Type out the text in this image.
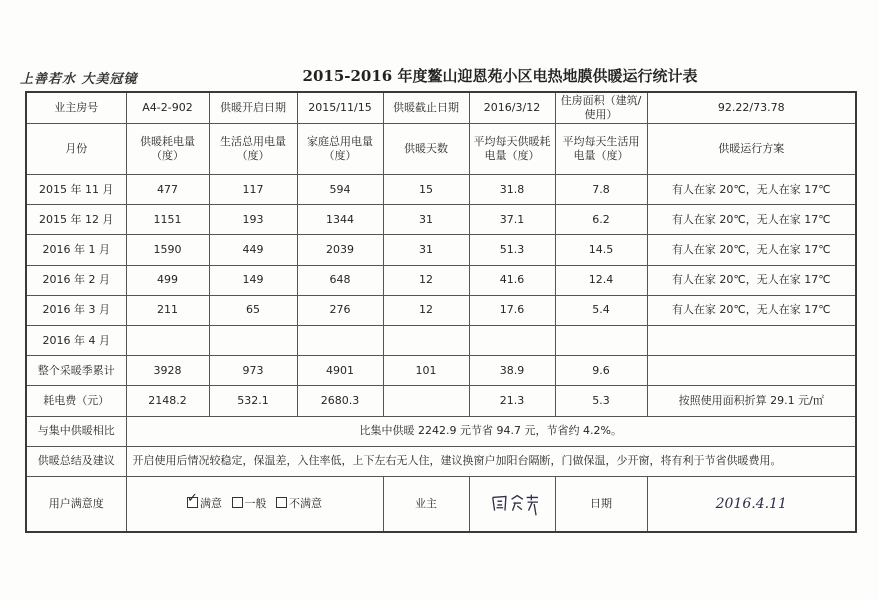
上善若水 大美冠镜	2015-2016 年度鳌山迎恩苑小区电热地膜供暖运行统计表
业主房号	A4-2-902	供暖开启日期	2015/11/15	供暖截止日期	2016/3/12	住房面积（建筑/使用）	92.22/73.78
月份	供暖耗电量（度）	生活总用电量（度）	家庭总用电量（度）	供暖天数	平均每天供暖耗电量（度）	平均每天生活用电量（度）	供暖运行方案
2015 年 11 月	477	117	594	15	31.8	7.8	有人在家 20℃，无人在家 17℃
2015 年 12 月	1151	193	1344	31	37.1	6.2	有人在家 20℃，无人在家 17℃
2016 年 1 月	1590	449	2039	31	51.3	14.5	有人在家 20℃，无人在家 17℃
2016 年 2 月	499	149	648	12	41.6	12.4	有人在家 20℃，无人在家 17℃
2016 年 3 月	211	65	276	12	17.6	5.4	有人在家 20℃，无人在家 17℃
2016 年 4 月							
整个采暖季累计	3928	973	4901	101	38.9	9.6	
耗电费（元）	2148.2	532.1	2680.3		21.3	5.3	按照使用面积折算 29.1 元/㎡
与集中供暖相比	比集中供暖 2242.9 元节省 94.7 元，节省约 4.2%。						
供暖总结及建议	开启使用后情况较稳定，保温差，入住率低，上下左右无人住，建议换窗户加阳台隔断，门做保温，少开窗，将有利于节省供暖费用。						
用户满意度	✓满意 一般 不满意			业主		日期	2016.4.11
